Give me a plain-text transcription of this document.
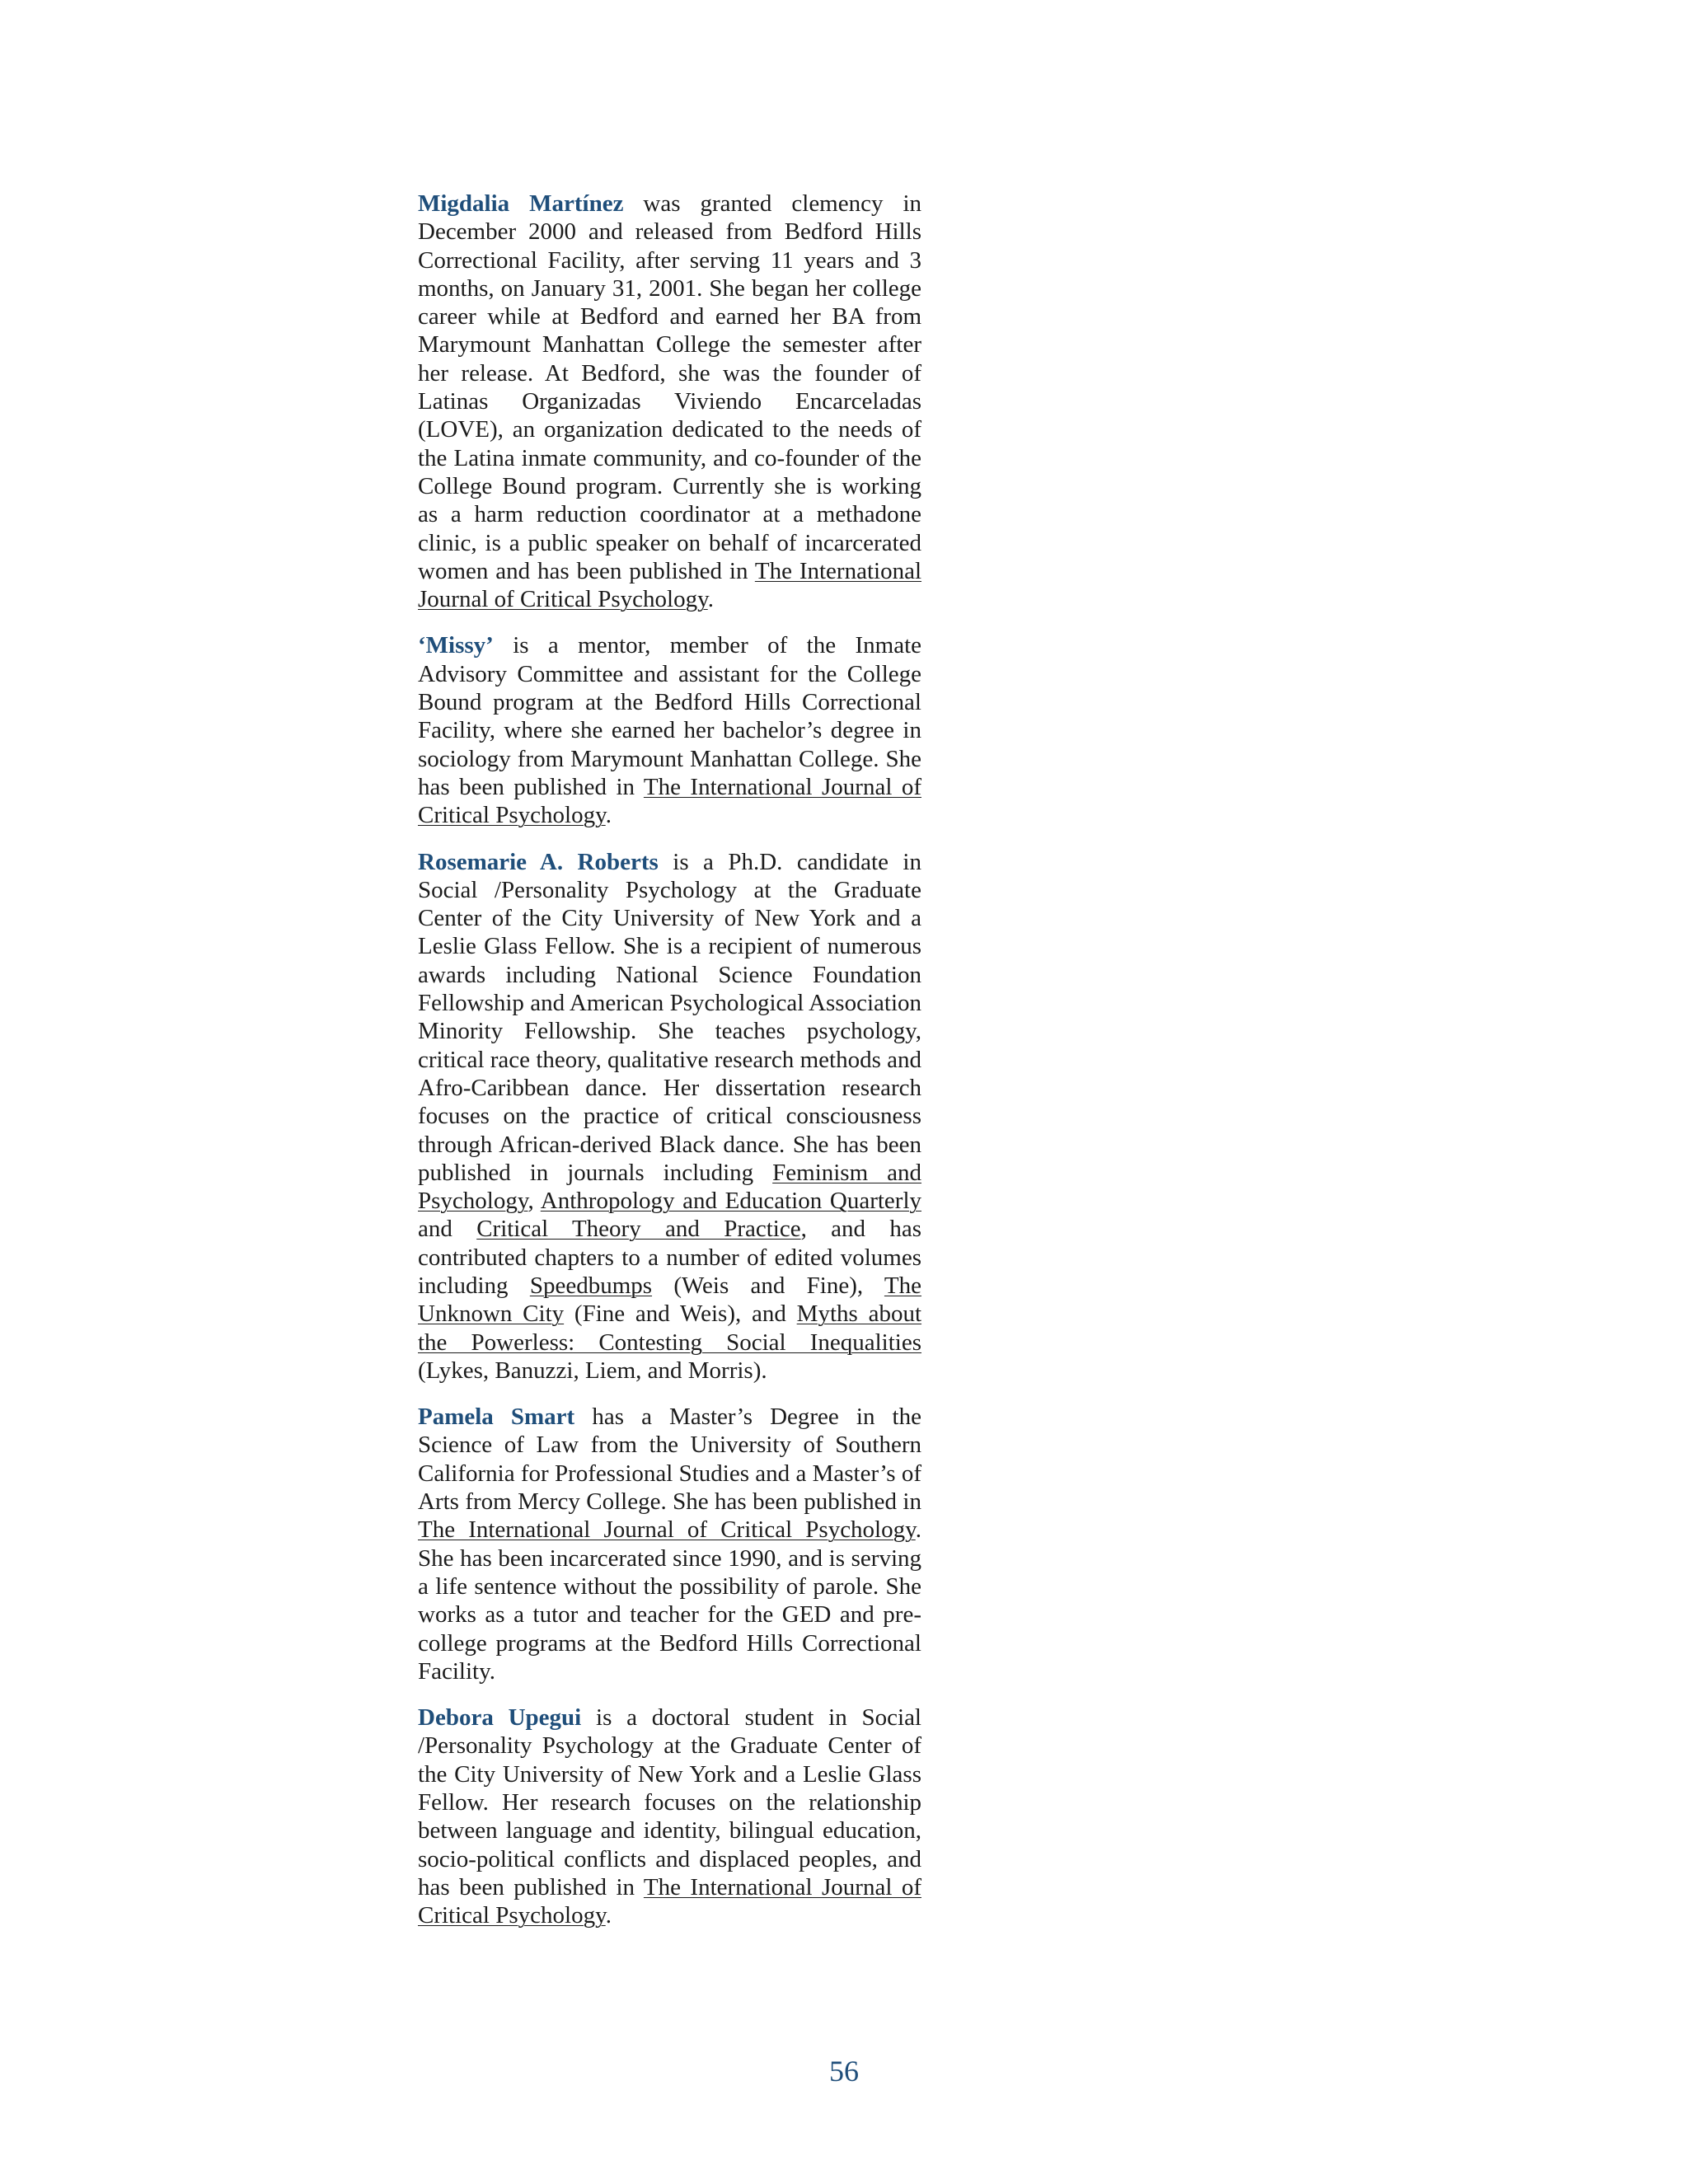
Migdalia Martínez was granted clemency in December 2000 and released from Bedford Hills Correctional Facility, after serving 11 years and 3 months, on January 31, 2001. She began her college career while at Bedford and earned her BA from Marymount Manhattan College the semester after her release. At Bedford, she was the founder of Latinas Organizadas Viviendo Encarceladas (LOVE), an organization dedicated to the needs of the Latina inmate community, and co-founder of the College Bound program. Currently she is working as a harm reduction coordinator at a methadone clinic, is a public speaker on behalf of incarcerated women and has been published in The International Journal of Critical Psychology.

‘Missy’ is a mentor, member of the Inmate Advisory Committee and assistant for the College Bound program at the Bedford Hills Correctional Facility, where she earned her bachelor’s degree in sociology from Marymount Manhattan College. She has been published in The International Journal of Critical Psychology.

Rosemarie A. Roberts is a Ph.D. candidate in Social /Personality Psychology at the Graduate Center of the City University of New York and a Leslie Glass Fellow. She is a recipient of numerous awards including National Science Foundation Fellowship and American Psychological Association Minority Fellowship. She teaches psychology, critical race theory, qualitative research methods and Afro-Caribbean dance. Her dissertation research focuses on the practice of critical consciousness through African-derived Black dance. She has been published in journals including Feminism and Psychology, Anthropology and Education Quarterly and Critical Theory and Practice, and has contributed chapters to a number of edited volumes including Speedbumps (Weis and Fine), The Unknown City (Fine and Weis), and Myths about the Powerless: Contesting Social Inequalities (Lykes, Banuzzi, Liem, and Morris).

Pamela Smart has a Master’s Degree in the Science of Law from the University of Southern California for Professional Studies and a Master’s of Arts from Mercy College. She has been published in The International Journal of Critical Psychology. She has been incarcerated since 1990, and is serving a life sentence without the possibility of parole. She works as a tutor and teacher for the GED and pre-college programs at the Bedford Hills Correctional Facility.

Debora Upegui is a doctoral student in Social /Personality Psychology at the Graduate Center of the City University of New York and a Leslie Glass Fellow. Her research focuses on the relationship between language and identity, bilingual education, socio-political conflicts and displaced peoples, and has been published in The International Journal of Critical Psychology.

56
